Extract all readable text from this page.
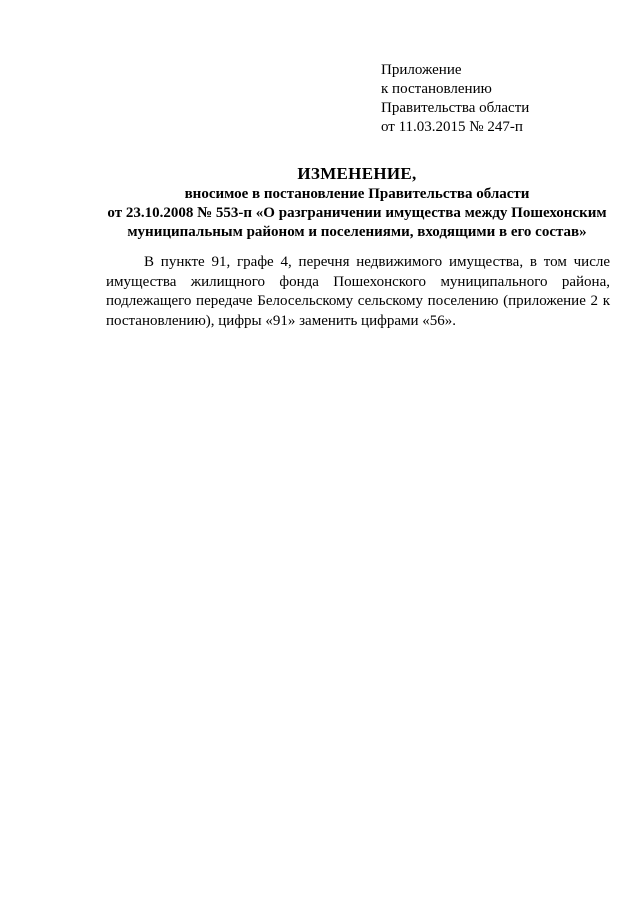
Приложение
к постановлению
Правительства области
от 11.03.2015 № 247-п
ИЗМЕНЕНИЕ,
вносимое в постановление Правительства области
от 23.10.2008 № 553-п «О разграничении имущества между Пошехонским
муниципальным районом и поселениями, входящими в его состав»
В пункте 91, графе 4, перечня недвижимого имущества, в том числе
имущества жилищного фонда Пошехонского муниципального района,
подлежащего передаче Белосельскому сельскому поселению (приложение 2 к
постановлению), цифры «91» заменить цифрами «56».
